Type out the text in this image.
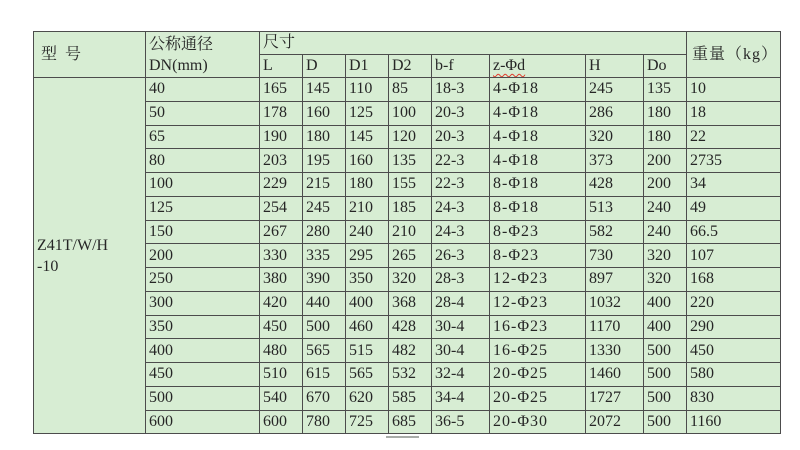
型  号	公称通径
DN(mm)	尺寸								重量（kg）
		L	D	D1	D2	b-f	z-Φd	H	Do	

Z41T/W/H
-10	40	165	145	110	85	18-3	4-Φ18	245	135	10
	50	178	160	125	100	20-3	4-Φ18	286	180	18
	65	190	180	145	120	20-3	4-Φ18	320	180	22
	80	203	195	160	135	22-3	4-Φ18	373	200	2735
	100	229	215	180	155	22-3	8-Φ18	428	200	34
	125	254	245	210	185	24-3	8-Φ18	513	240	49
	150	267	280	240	210	24-3	8-Φ23	582	240	66.5
	200	330	335	295	265	26-3	8-Φ23	730	320	107
	250	380	390	350	320	28-3	12-Φ23	897	320	168
	300	420	440	400	368	28-4	12-Φ23	1032	400	220
	350	450	500	460	428	30-4	16-Φ23	1170	400	290
	400	480	565	515	482	30-4	16-Φ25	1330	500	450
	450	510	615	565	532	32-4	20-Φ25	1460	500	580
	500	540	670	620	585	34-4	20-Φ25	1727	500	830
	600	600	780	725	685	36-5	20-Φ30	2072	500	1160
